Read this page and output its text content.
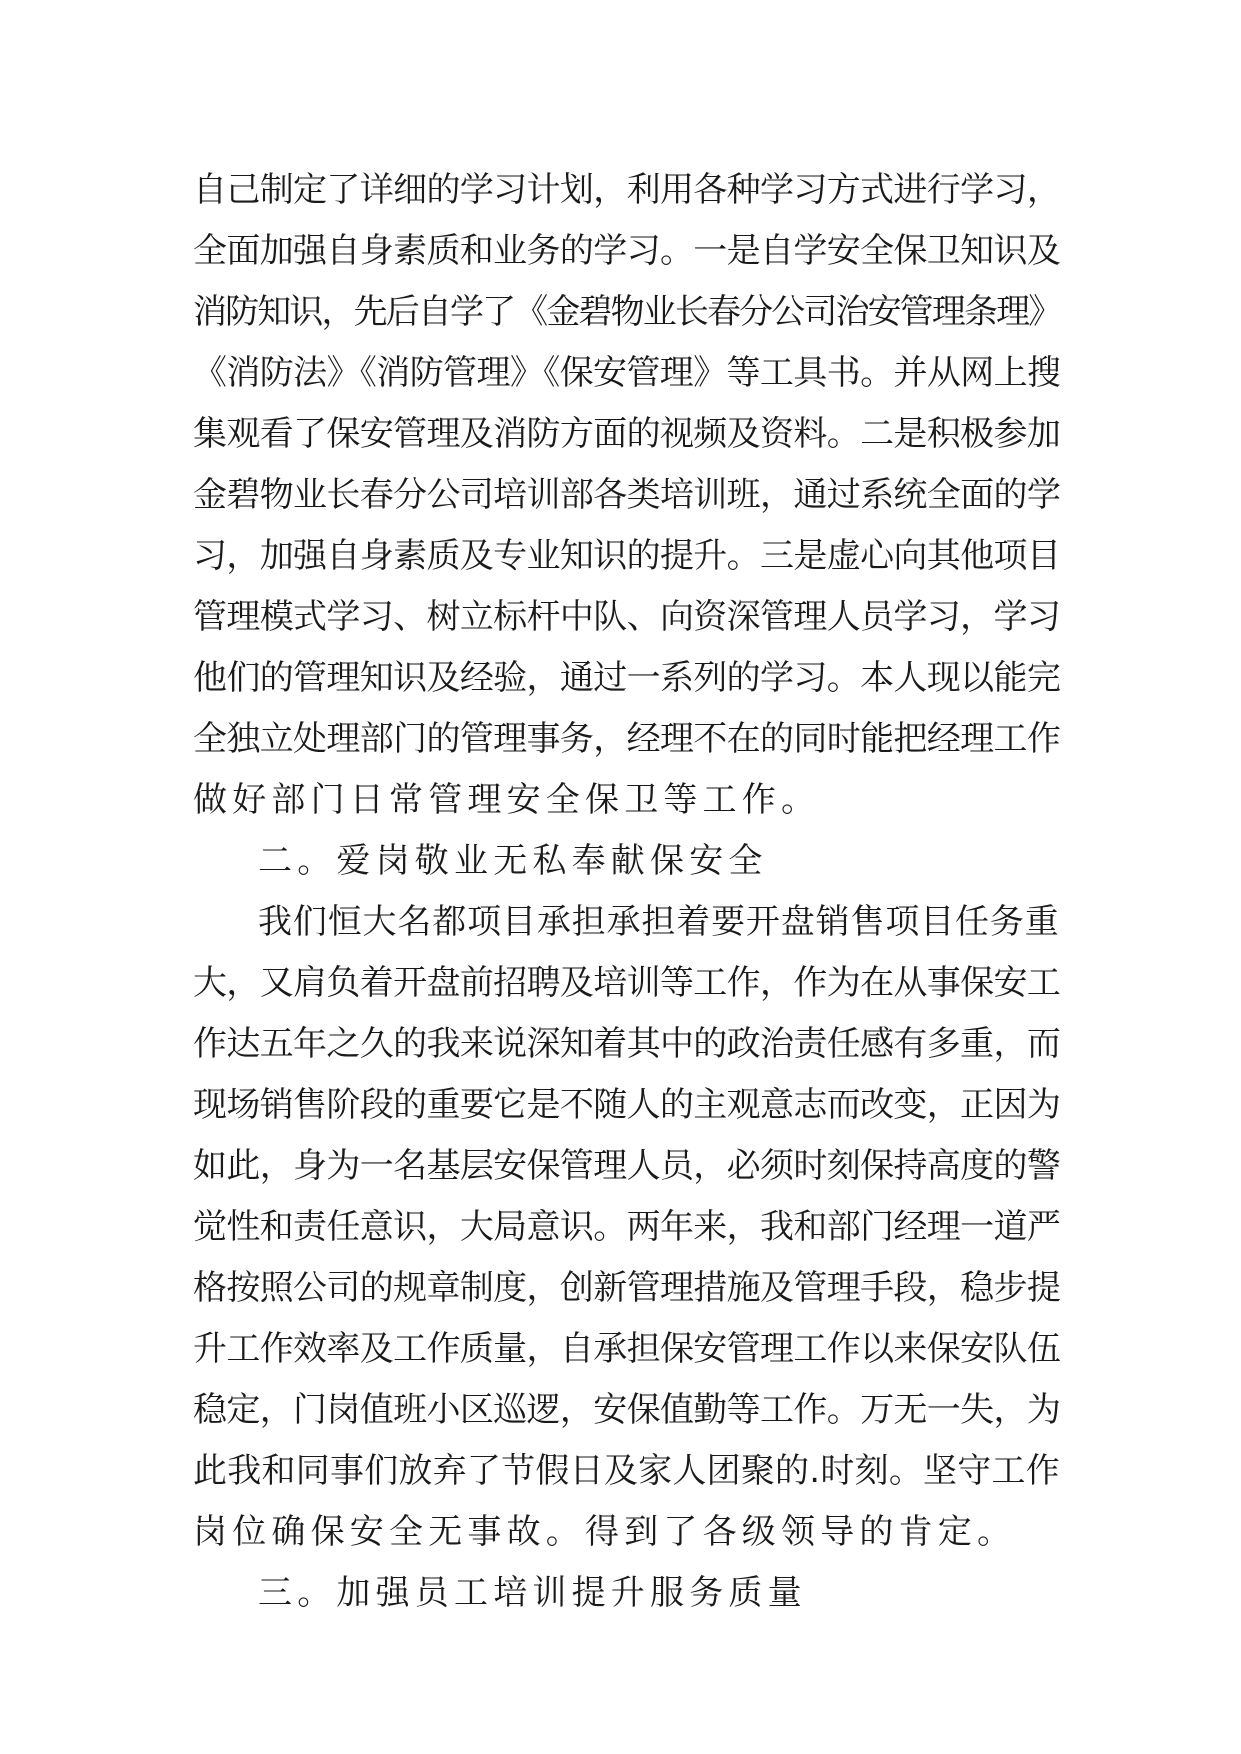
自己制定了详细的学习计划，利用各种学习方式进行学习，
全面加强自身素质和业务的学习。一是自学安全保卫知识及
消防知识，先后自学了《金碧物业长春分公司治安管理条理》
《消防法》《消防管理》《保安管理》等工具书。并从网上搜
集观看了保安管理及消防方面的视频及资料。二是积极参加
金碧物业长春分公司培训部各类培训班，通过系统全面的学
习，加强自身素质及专业知识的提升。三是虚心向其他项目
管理模式学习、树立标杆中队、向资深管理人员学习，学习
他们的管理知识及经验，通过一系列的学习。本人现以能完
全独立处理部门的管理事务，经理不在的同时能把经理工作
做好部门日常管理安全保卫等工作。
二。爱岗敬业无私奉献保安全
我们恒大名都项目承担承担着要开盘销售项目任务重
大，又肩负着开盘前招聘及培训等工作，作为在从事保安工
作达五年之久的我来说深知着其中的政治责任感有多重，而
现场销售阶段的重要它是不随人的主观意志而改变，正因为
如此，身为一名基层安保管理人员，必须时刻保持高度的警
觉性和责任意识，大局意识。两年来，我和部门经理一道严
格按照公司的规章制度，创新管理措施及管理手段，稳步提
升工作效率及工作质量，自承担保安管理工作以来保安队伍
稳定，门岗值班小区巡逻，安保值勤等工作。万无一失，为
此我和同事们放弃了节假日及家人团聚的.时刻。坚守工作
岗位确保安全无事故。得到了各级领导的肯定。
三。加强员工培训提升服务质量
